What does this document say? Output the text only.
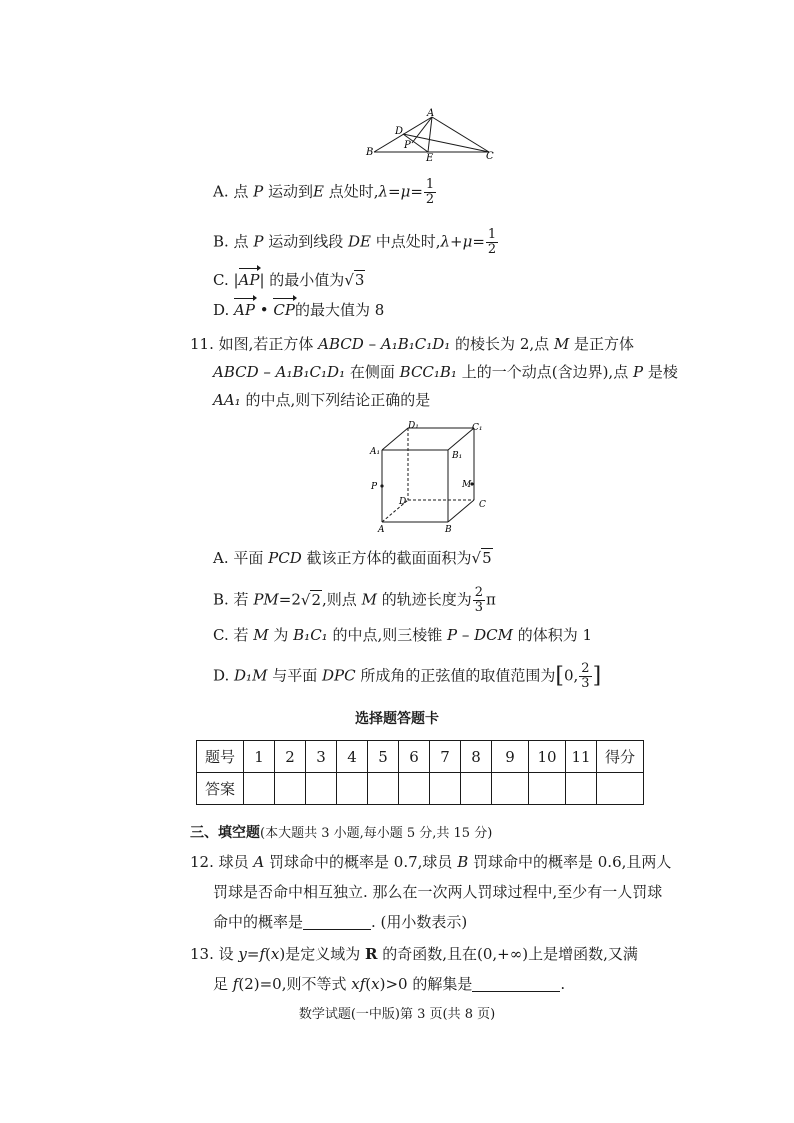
A
B	C
D
P
E
A. 点 P 运动到E 点处时$,\lambda=\mu= \frac{1}{2}$
B. 点 P 运动到线段 DE 中点处时$,\lambda+\mu= \frac{1}{2}$
C. |AP| 的最小值为√3
D. AP • CP的最大值为 8
11. 如图,若正方体 ABCD – A₁B₁C₁D₁ 的棱长为 2,点 M 是正方体
ABCD – A₁B₁C₁D₁ 在侧面 BCC₁B₁ 上的一个动点(含边界),点 P 是棱
AA₁ 的中点,则下列结论正确的是
D₁	C₁
A₁	B₁
P	M
D	C
A	B
A. 平面 PCD 截该正方体的截面面积为√5
B. 若 PM=2√2,则点 M 的轨迹长度为 $\frac{2}{3}$ π
C. 若 M 为 B₁C₁ 的中点,则三棱锥 P – DCM 的体积为 1
D. D₁M 与平面 DPC 所成角的正弦值的取值范围为[0, $\frac{2}{3}$ ]
选择题答题卡
题号	1	2	3	4	5	6	7	8	9	10	11	得分
答案												
三、填空题(本大题共 3 小题,每小题 5 分,共 15 分)
12. 球员 A 罚球命中的概率是 0.7,球员 B 罚球命中的概率是 0.6,且两人
罚球是否命中相互独立. 那么在一次两人罚球过程中,至少有一人罚球
命中的概率是	. (用小数表示)
13. 设 y=f(x)是定义域为 R 的奇函数,且在(0,+∞)上是增函数,又满
足 f(2)=0,则不等式 xf(x)>0 的解集是	.
数学试题(一中版)第 3 页(共 8 页)
